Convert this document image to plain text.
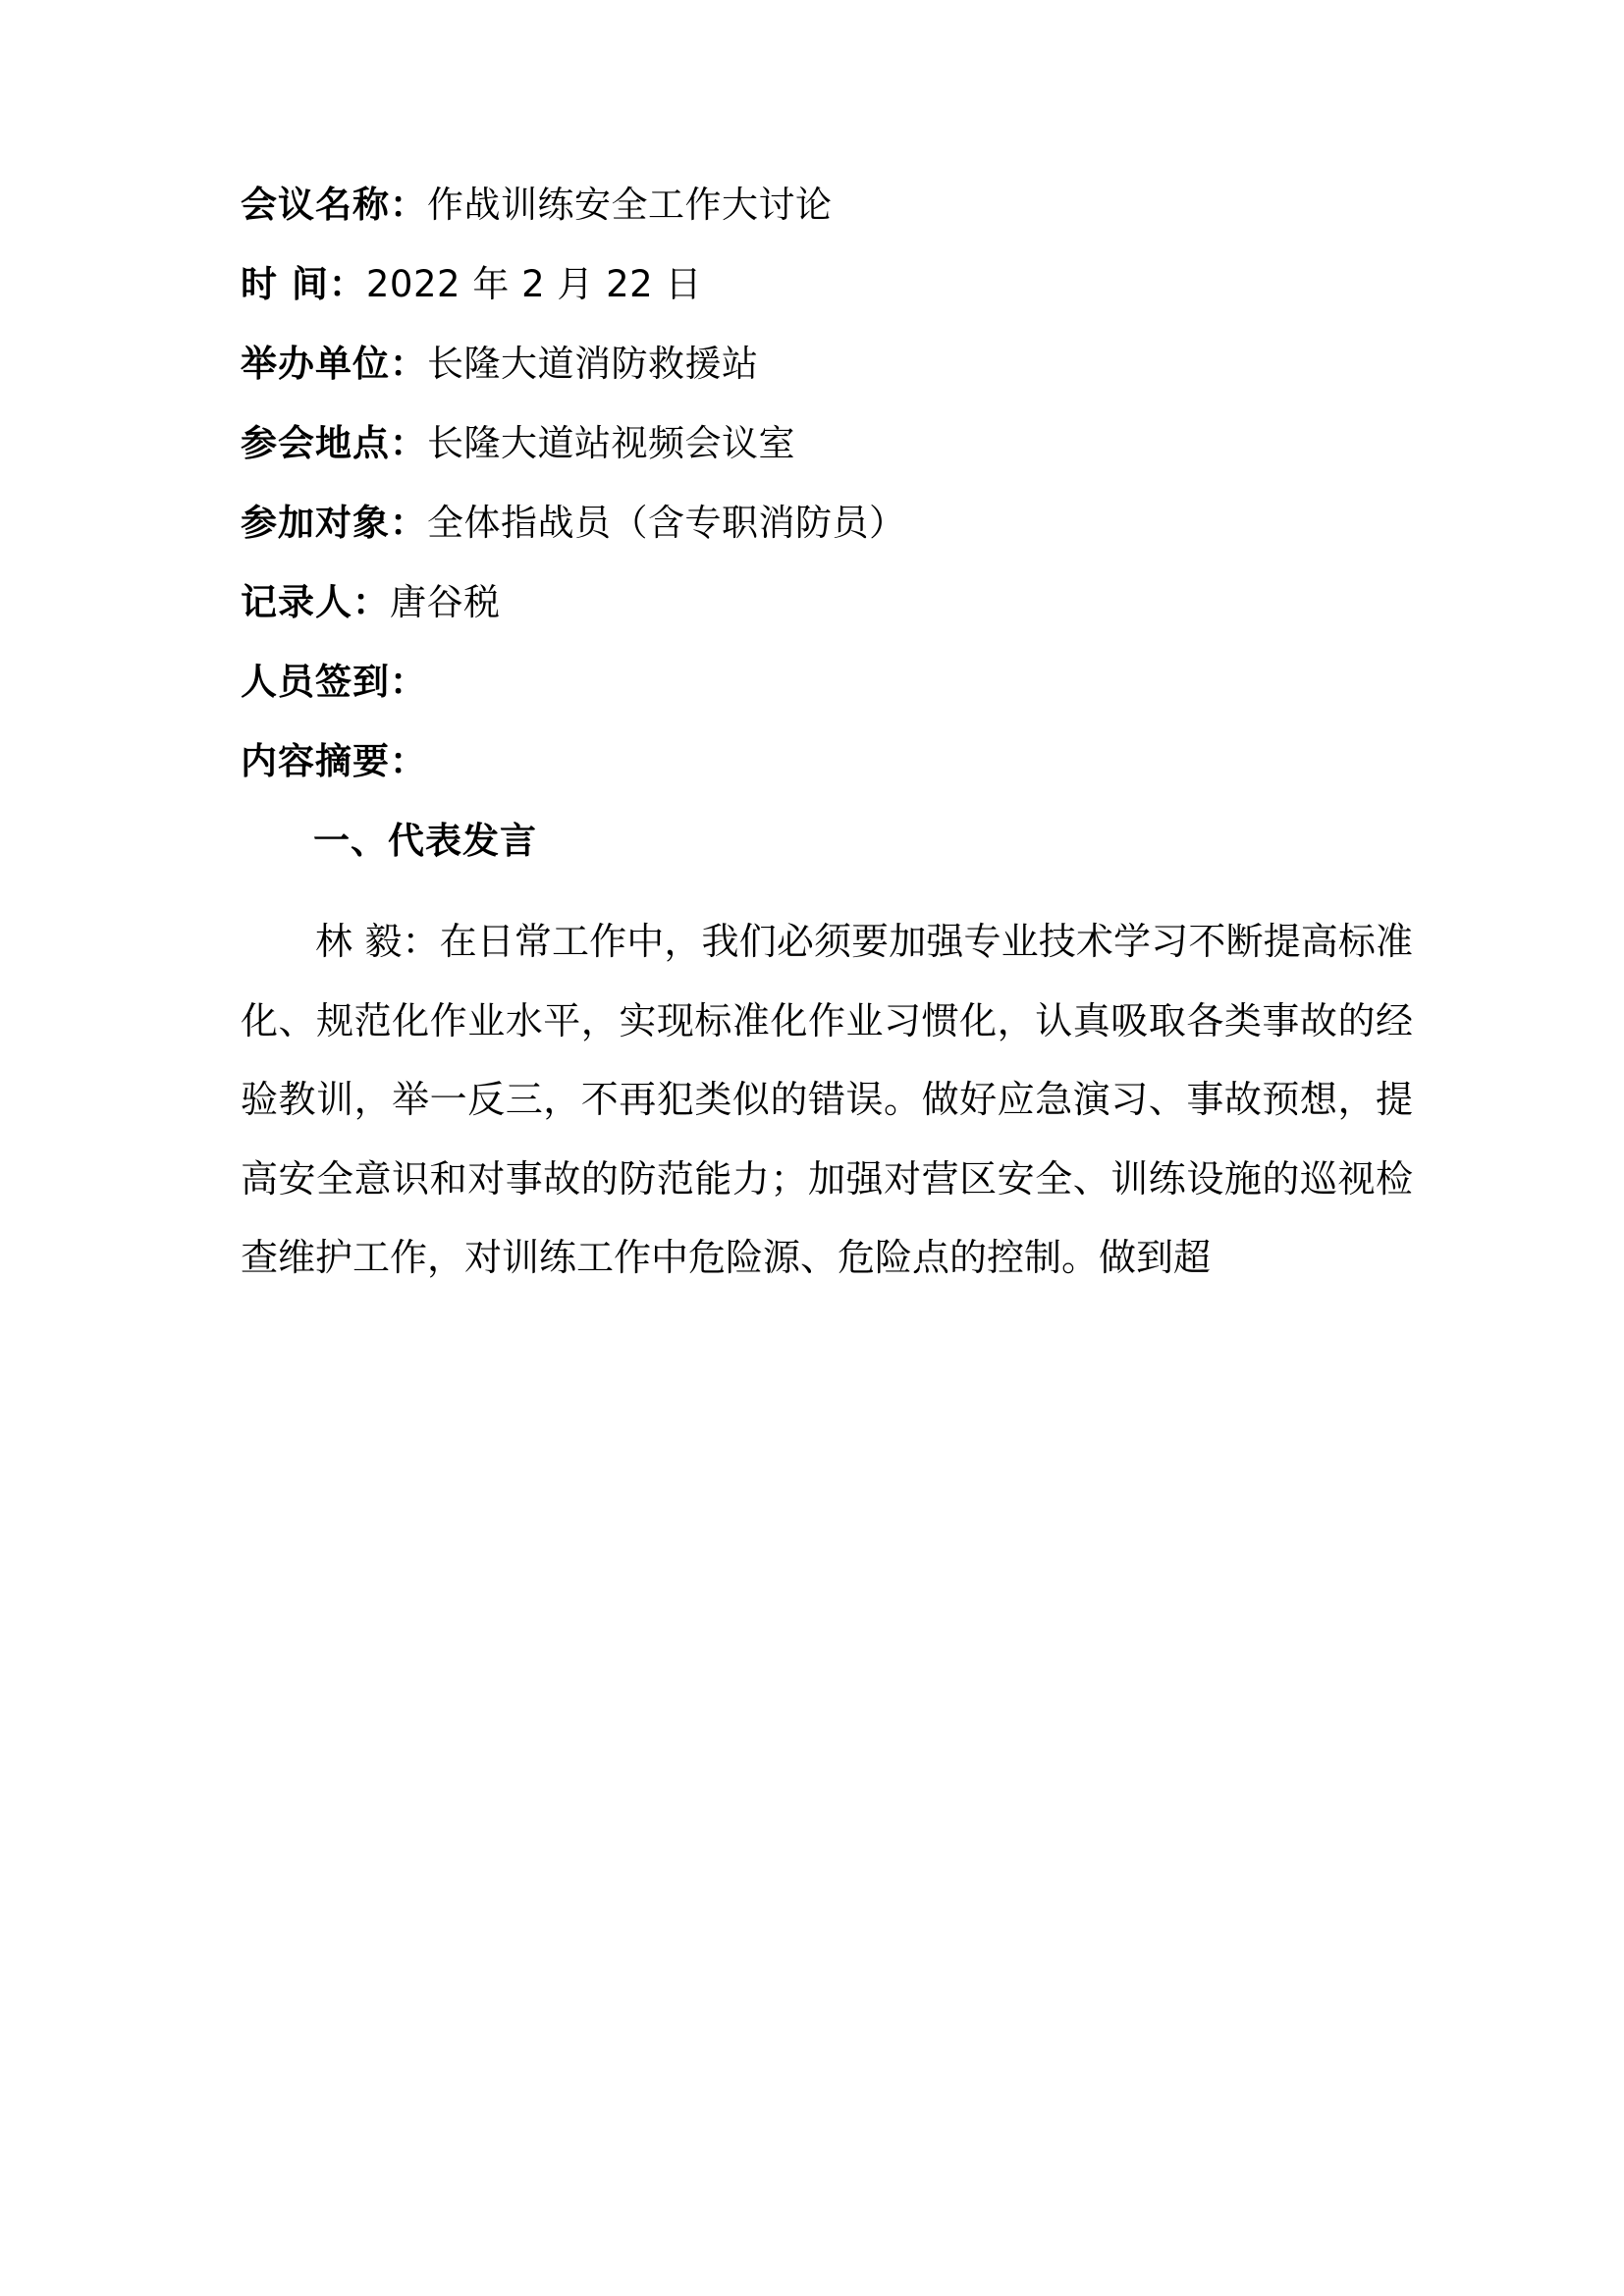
会议名称：作战训练安全工作大讨论
时 间：2022 年 2 月 22 日
举办单位：长隆大道消防救援站
参会地点：长隆大道站视频会议室
参加对象：全体指战员（含专职消防员）
记录人：唐谷税
人员签到：
内容摘要：
一、代表发言

林 毅：在日常工作中，我们必须要加强专业技术学习不断提高标准化、规范化作业水平，实现标准化作业习惯化，认真吸取各类事故的经验教训，举一反三，不再犯类似的错误。做好应急演习、事故预想，提高安全意识和对事故的防范能力；加强对营区安全、训练设施的巡视检查维护工作，对训练工作中危险源、危险点的控制。做到超
